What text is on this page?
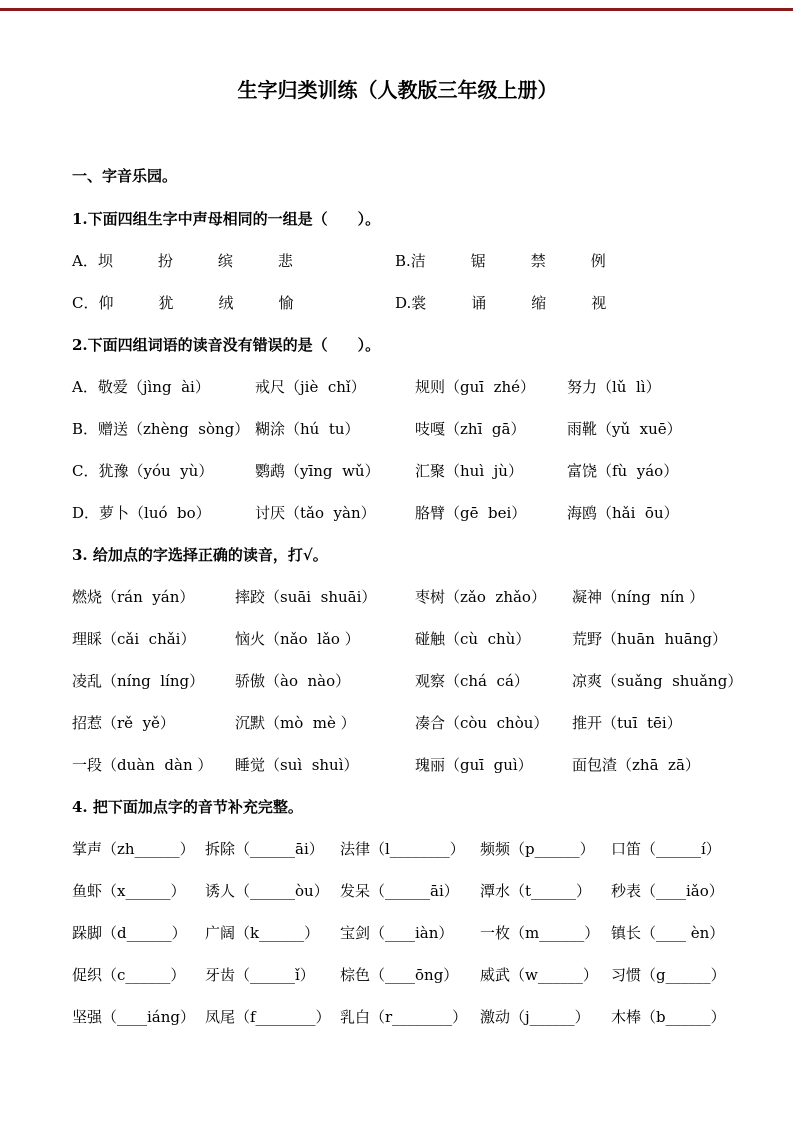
生字归类训练（人教版三年级上册）
一、字音乐园。
1.下面四组生字中声母相同的一组是（　　）。
A．坝　　　扮　　　缤　　　悲	B.洁　　　锯　　　禁　　　例
C．仰　　　犹　　　绒　　　愉	D.裳　　　诵　　　缩　　　视
2.下面四组词语的读音没有错误的是（　　）。
A．敬爱（jìng  ài）	戒尺（jiè  chǐ）	规则（guī  zhé）	努力（lǔ  lì）
B．赠送（zhèng  sòng） 糊涂（hú  tu）	吱嘎（zhī  gā）	雨靴（yǔ  xuē）
C．犹豫（yóu  yù）	鹦鹉（yīng  wǔ）	汇聚（huì  jù）	富饶（fù  yáo）
D．萝卜（luó  bo）	讨厌（tǎo  yàn）	胳臂（gē  bei）	海鸥（hǎi  ōu）
3. 给加点的字选择正确的读音，打√。
燃烧（rán  yán）	摔跤（suāi  shuāi）	枣树（zǎo  zhǎo）	凝神（níng  nín ）
理睬（cǎi  chǎi）	恼火（nǎo  lǎo ）	碰触（cù  chù）	荒野（huān  huāng）
凌乱（níng  líng）	骄傲（ào  nào）	观察（chá  cá）	凉爽（suǎng  shuǎng）
招惹（rě  yě）	沉默（mò  mè ）	凑合（còu  chòu）	推开（tuī  tēi）
一段（duàn  dàn ）	睡觉（suì  shuì）	瑰丽（guī  guì）	面包渣（zhā  zā）
4. 把下面加点字的音节补充完整。
掌声（zh______） 拆除（______āi）	法律（l________）	频频（p______）	口笛（______í）
鱼虾（x______）	诱人（______òu） 发呆（______āi）	潭水（t______）	秒表（____iǎo）
跺脚（d______）	广阔（k______）	宝剑（____iàn）	一枚（m______） 镇长（____ èn）
促织（c______）	牙齿（______ǐ）	棕色（____ōng）	威武（w______） 习惯（g______）
坚强（____iáng） 凤尾（f________） 乳白（r________） 激动（j______）	木棒（b______）
